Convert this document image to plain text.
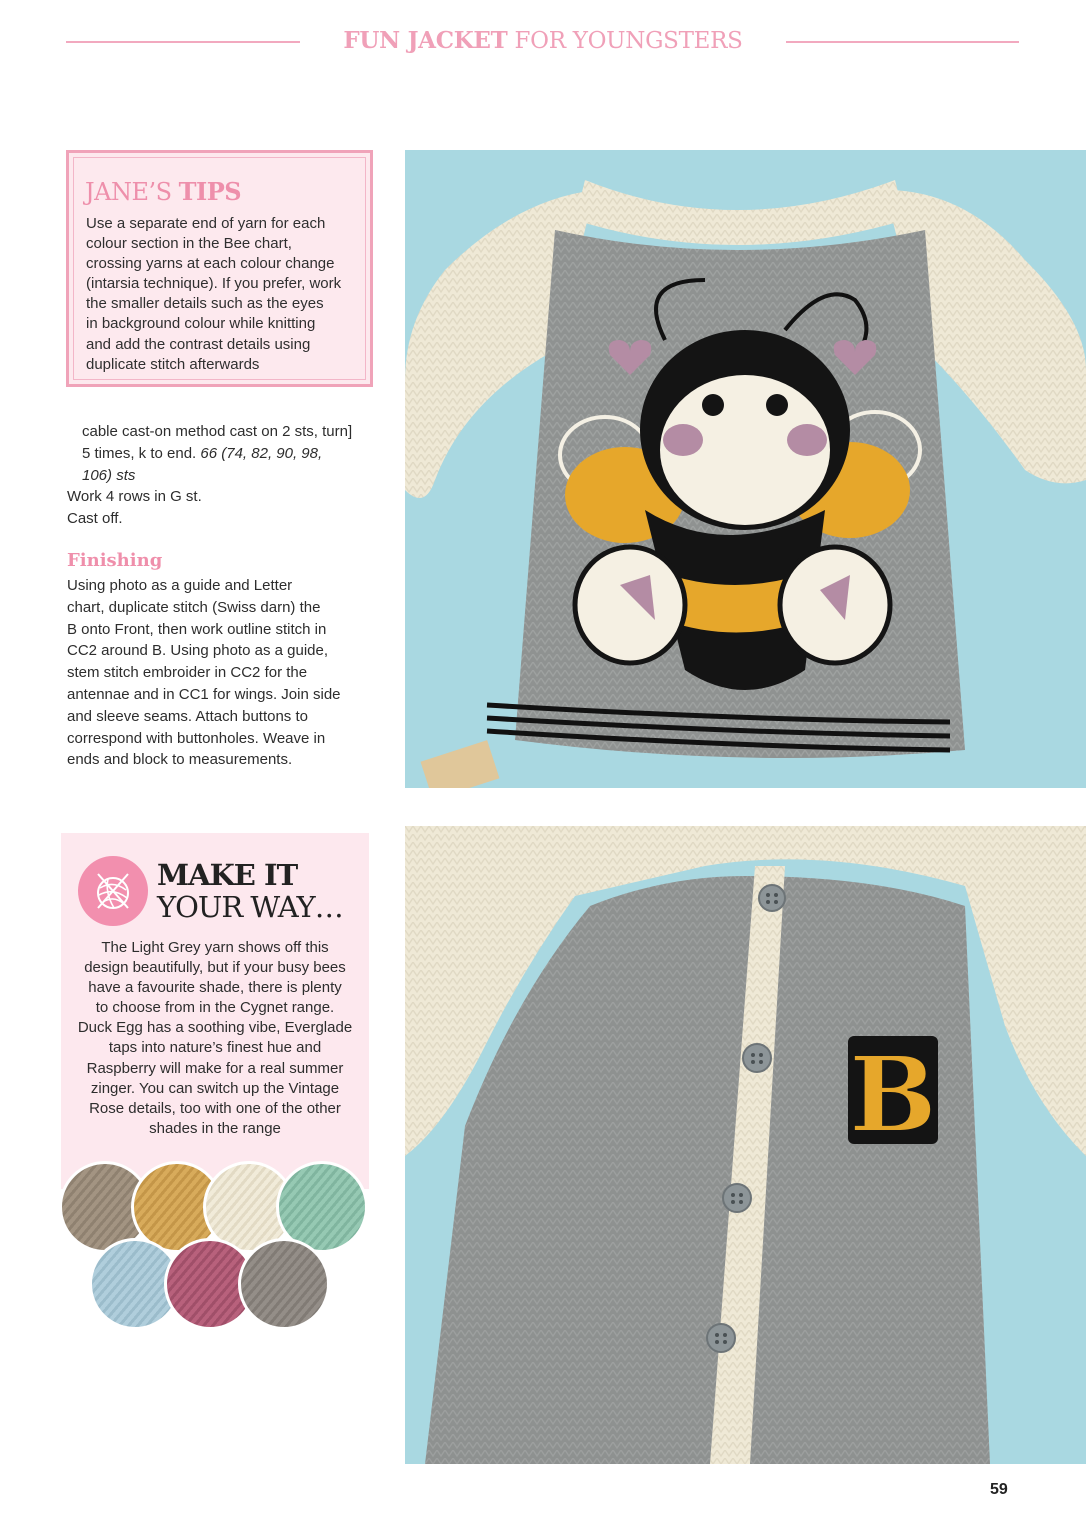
FUN JACKET FOR YOUNGSTERS
JANE’S TIPS
Use a separate end of yarn for each
colour section in the Bee chart,
crossing yarns at each colour change
(intarsia technique). If you prefer, work
the smaller details such as the eyes
in background colour while knitting
and add the contrast details using
duplicate stitch afterwards
cable cast-on method cast on 2 sts, turn]
5 times, k to end. 66 (74, 82, 90, 98,
106) sts
Work 4 rows in G st.
Cast off.
Finishing
Using photo as a guide and Letter
chart, duplicate stitch (Swiss darn) the
B onto Front, then work outline stitch in
CC2 around B. Using photo as a guide,
stem stitch embroider in CC2 for the
antennae and in CC1 for wings. Join side
and sleeve seams. Attach buttons to
correspond with buttonholes. Weave in
ends and block to measurements.
MAKE IT
YOUR WAY…
The Light Grey yarn shows off this
design beautifully, but if your busy bees
have a favourite shade, there is plenty
to choose from in the Cygnet range.
Duck Egg has a soothing vibe, Everglade
taps into nature’s finest hue and
Raspberry will make for a real summer
zinger. You can switch up the Vintage
Rose details, too with one of the other
shades in the range	B
59
